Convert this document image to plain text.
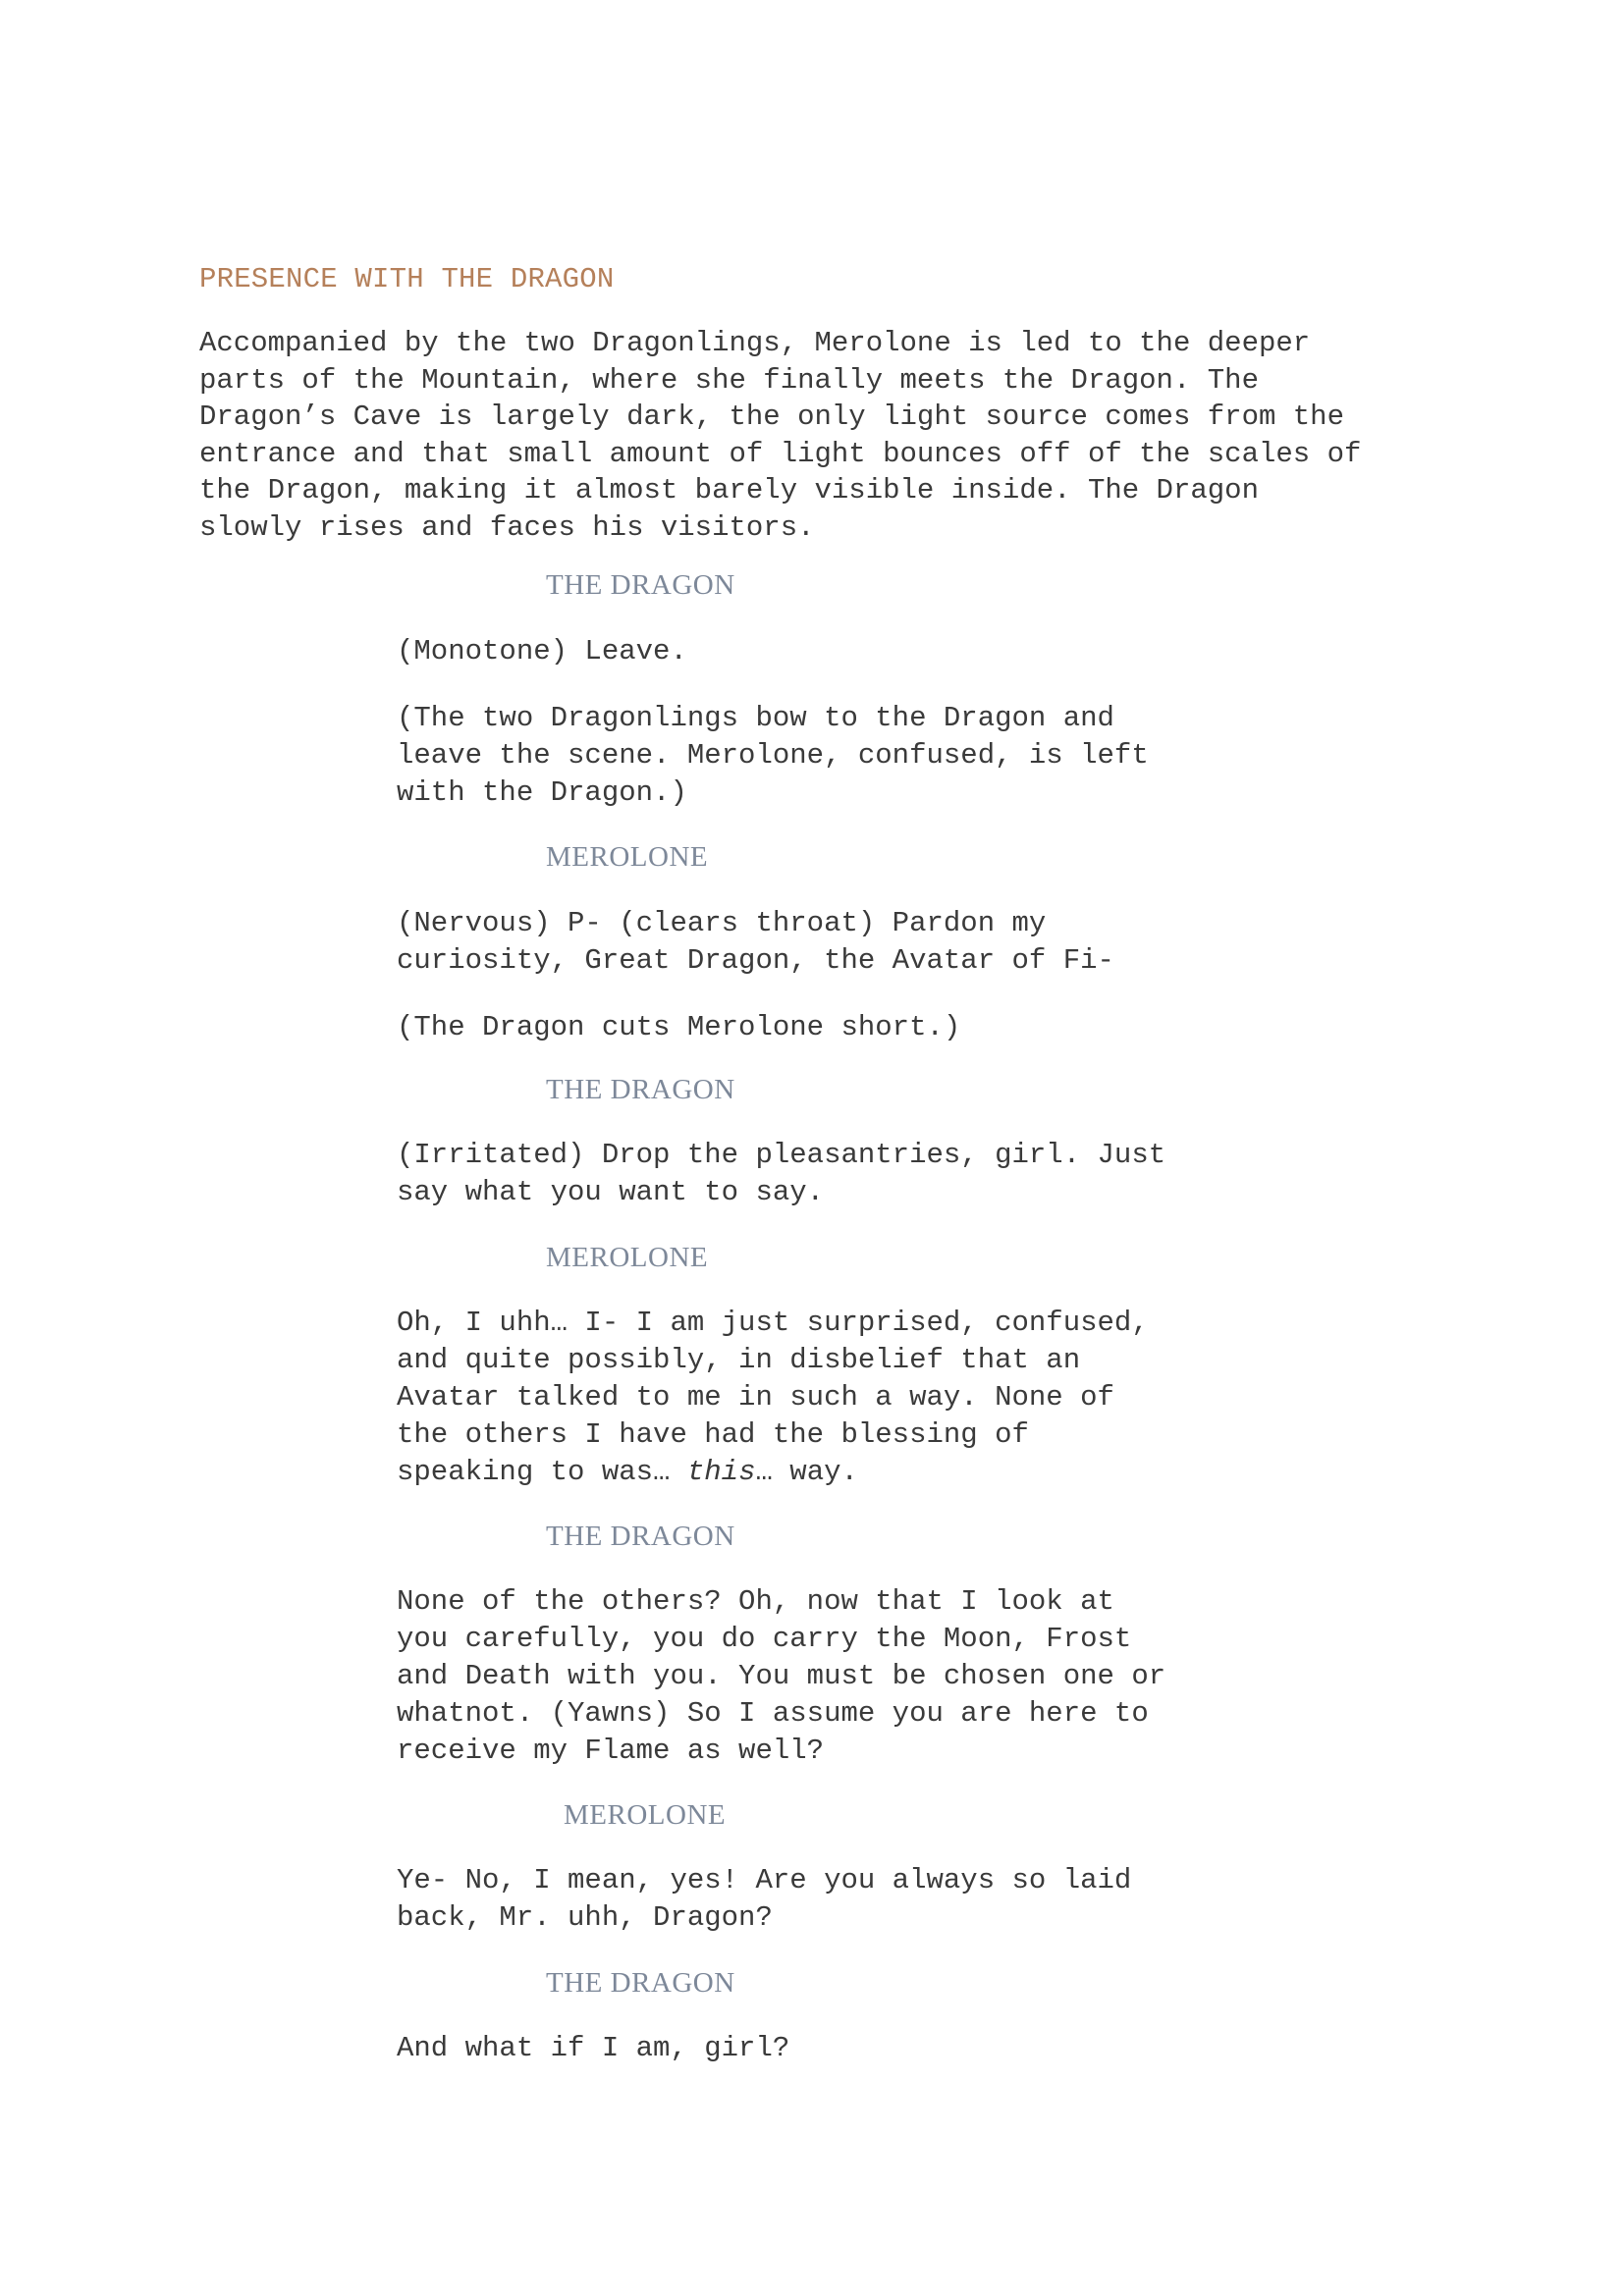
PRESENCE WITH THE DRAGON
Accompanied by the two Dragonlings, Merolone is led to the deeper
parts of the Mountain, where she finally meets the Dragon. The
Dragon’s Cave is largely dark, the only light source comes from the
entrance and that small amount of light bounces off of the scales of
the Dragon, making it almost barely visible inside. The Dragon
slowly rises and faces his visitors.
THE DRAGON
(Monotone) Leave.
(The two Dragonlings bow to the Dragon and
leave the scene. Merolone, confused, is left
with the Dragon.)
MEROLONE
(Nervous) P- (clears throat) Pardon my
curiosity, Great Dragon, the Avatar of Fi-
(The Dragon cuts Merolone short.)
THE DRAGON
(Irritated) Drop the pleasantries, girl. Just
say what you want to say.
MEROLONE
Oh, I uhh… I- I am just surprised, confused,
and quite possibly, in disbelief that an
Avatar talked to me in such a way. None of
the others I have had the blessing of
speaking to was… this… way.
THE DRAGON
None of the others? Oh, now that I look at
you carefully, you do carry the Moon, Frost
and Death with you. You must be chosen one or
whatnot. (Yawns) So I assume you are here to
receive my Flame as well?
MEROLONE
Ye- No, I mean, yes! Are you always so laid
back, Mr. uhh, Dragon?
THE DRAGON
And what if I am, girl?
